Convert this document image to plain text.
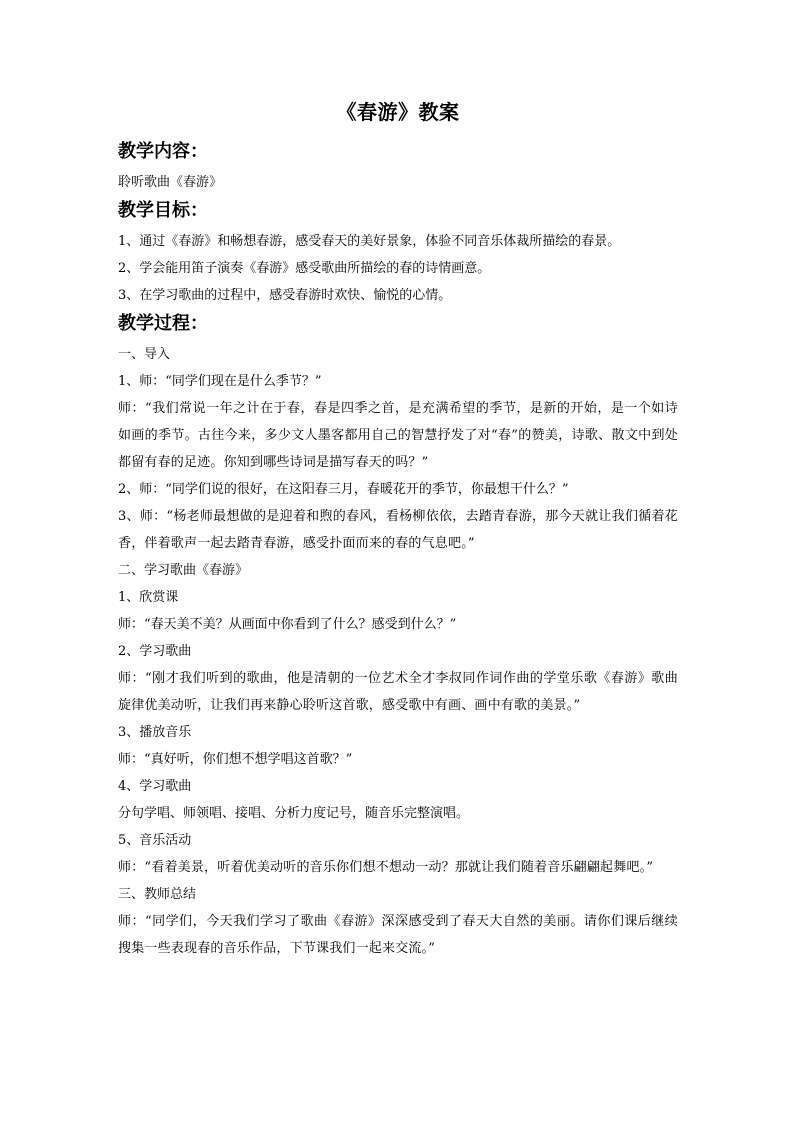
《春游》教案
教学内容：

聆听歌曲《春游》

教学目标：

1、通过《春游》和畅想春游，感受春天的美好景象，体验不同音乐体裁所描绘的春景。

2、学会能用笛子演奏《春游》感受歌曲所描绘的春的诗情画意。

3、在学习歌曲的过程中，感受春游时欢快、愉悦的心情。

教学过程：

一、导入

1、师：“同学们现在是什么季节？”

师：“我们常说一年之计在于春，春是四季之首，是充满希望的季节，是新的开始，是一个如诗如画的季节。古往今来，多少文人墨客都用自己的智慧抒发了对“春”的赞美，诗歌、散文中到处都留有春的足迹。你知到哪些诗词是描写春天的吗？”

2、师：“同学们说的很好，在这阳春三月，春暖花开的季节，你最想干什么？”

3、师：“杨老师最想做的是迎着和煦的春风，看杨柳依依，去踏青春游，那今天就让我们循着花香，伴着歌声一起去踏青春游，感受扑面而来的春的气息吧。”

二、学习歌曲《春游》

1、欣赏课

师：“春天美不美？从画面中你看到了什么？感受到什么？”

2、学习歌曲

师：“刚才我们听到的歌曲，他是清朝的一位艺术全才李叔同作词作曲的学堂乐歌《春游》歌曲旋律优美动听，让我们再来静心聆听这首歌，感受歌中有画、画中有歌的美景。”

3、播放音乐

师：“真好听，你们想不想学唱这首歌？”

4、学习歌曲

分句学唱、师领唱、接唱、分析力度记号，随音乐完整演唱。

5、音乐活动

师：“看着美景，听着优美动听的音乐你们想不想动一动？那就让我们随着音乐翩翩起舞吧。”

三、教师总结

师：“同学们，今天我们学习了歌曲《春游》深深感受到了春天大自然的美丽。请你们课后继续搜集一些表现春的音乐作品，下节课我们一起来交流。”
